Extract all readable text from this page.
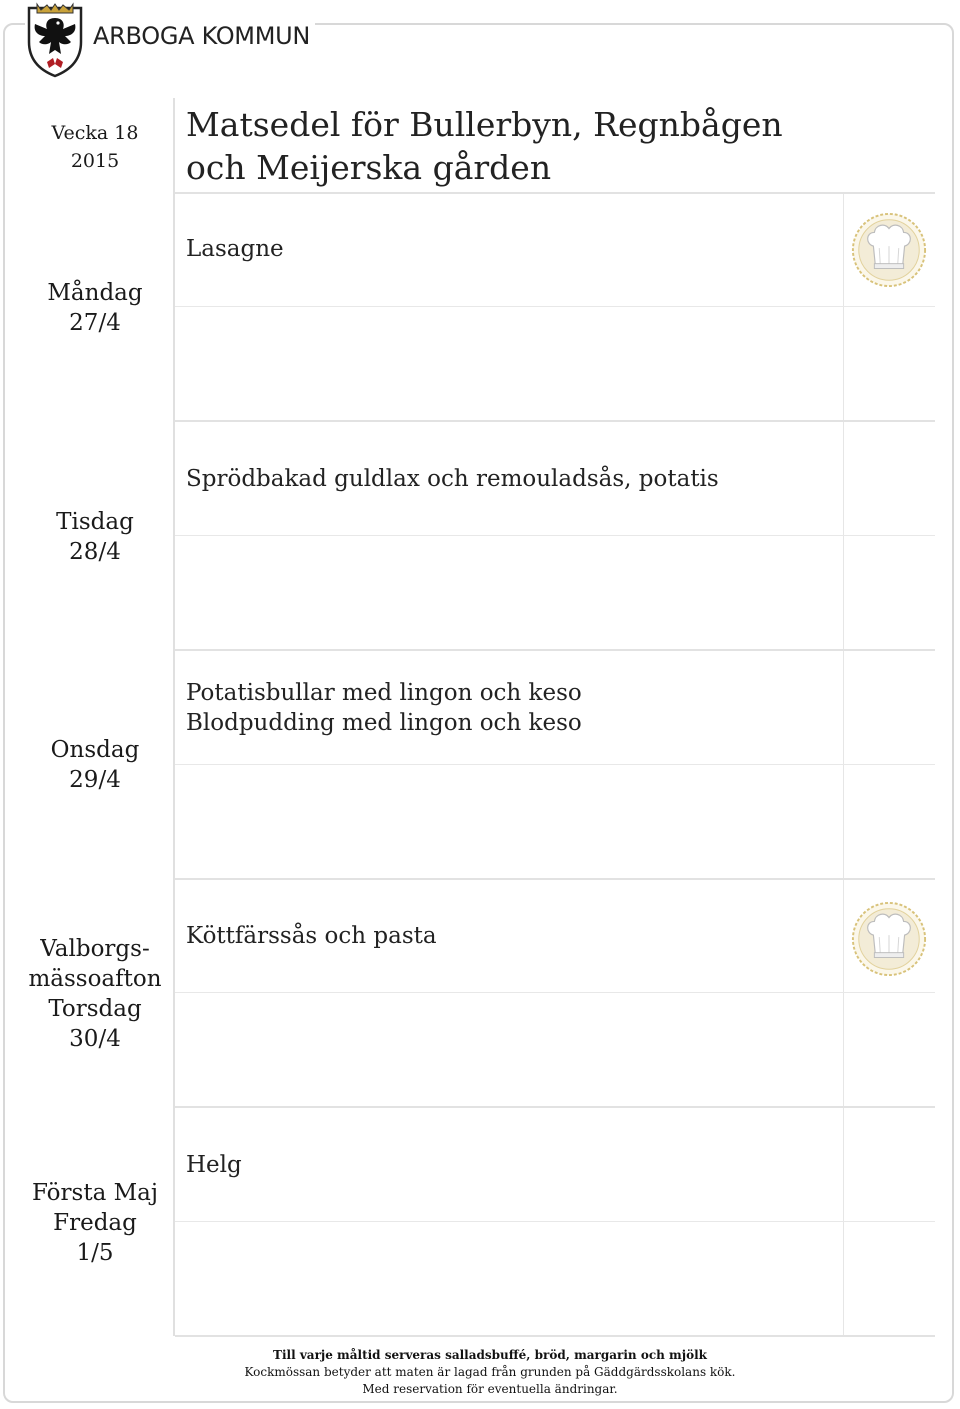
ARBOGA KOMMUN
Vecka 18
2015
Matsedel för Bullerbyn, Regnbågen och Meijerska gården
Måndag
27/4
Lasagne
Tisdag
28/4
Sprödbakad guldlax och remouladsås, potatis
Onsdag
29/4
Potatisbullar med lingon och keso
Blodpudding med lingon och keso
Valborgs-
mässoafton
Torsdag
30/4
Köttfärssås och pasta
Första Maj
Fredag
1/5
Helg
Till varje måltid serveras salladsbuffé, bröd, margarin och mjölk
Kockmössan betyder att maten är lagad från grunden på Gäddgärdsskolans kök.
Med reservation för eventuella ändringar.
